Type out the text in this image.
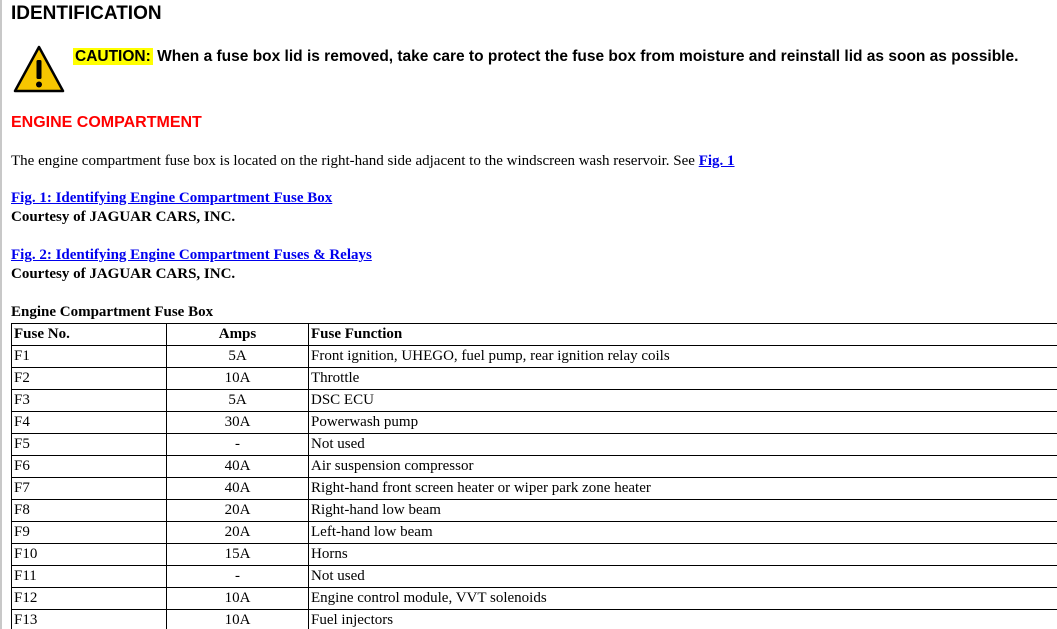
IDENTIFICATION
CAUTION: When a fuse box lid is removed, take care to protect the fuse box from moisture and reinstall lid as soon as possible.
ENGINE COMPARTMENT
The engine compartment fuse box is located on the right-hand side adjacent to the windscreen wash reservoir. See Fig. 1
Fig. 1: Identifying Engine Compartment Fuse Box
Courtesy of JAGUAR CARS, INC.
Fig. 2: Identifying Engine Compartment Fuses & Relays
Courtesy of JAGUAR CARS, INC.
Engine Compartment Fuse Box
Fuse No.	Amps	Fuse Function
F1	5A	Front ignition, UHEGO, fuel pump, rear ignition relay coils
F2	10A	Throttle
F3	5A	DSC ECU
F4	30A	Powerwash pump
F5	-	Not used
F6	40A	Air suspension compressor
F7	40A	Right-hand front screen heater or wiper park zone heater
F8	20A	Right-hand low beam
F9	20A	Left-hand low beam
F10	15A	Horns
F11	-	Not used
F12	10A	Engine control module, VVT solenoids
F13	10A	Fuel injectors
